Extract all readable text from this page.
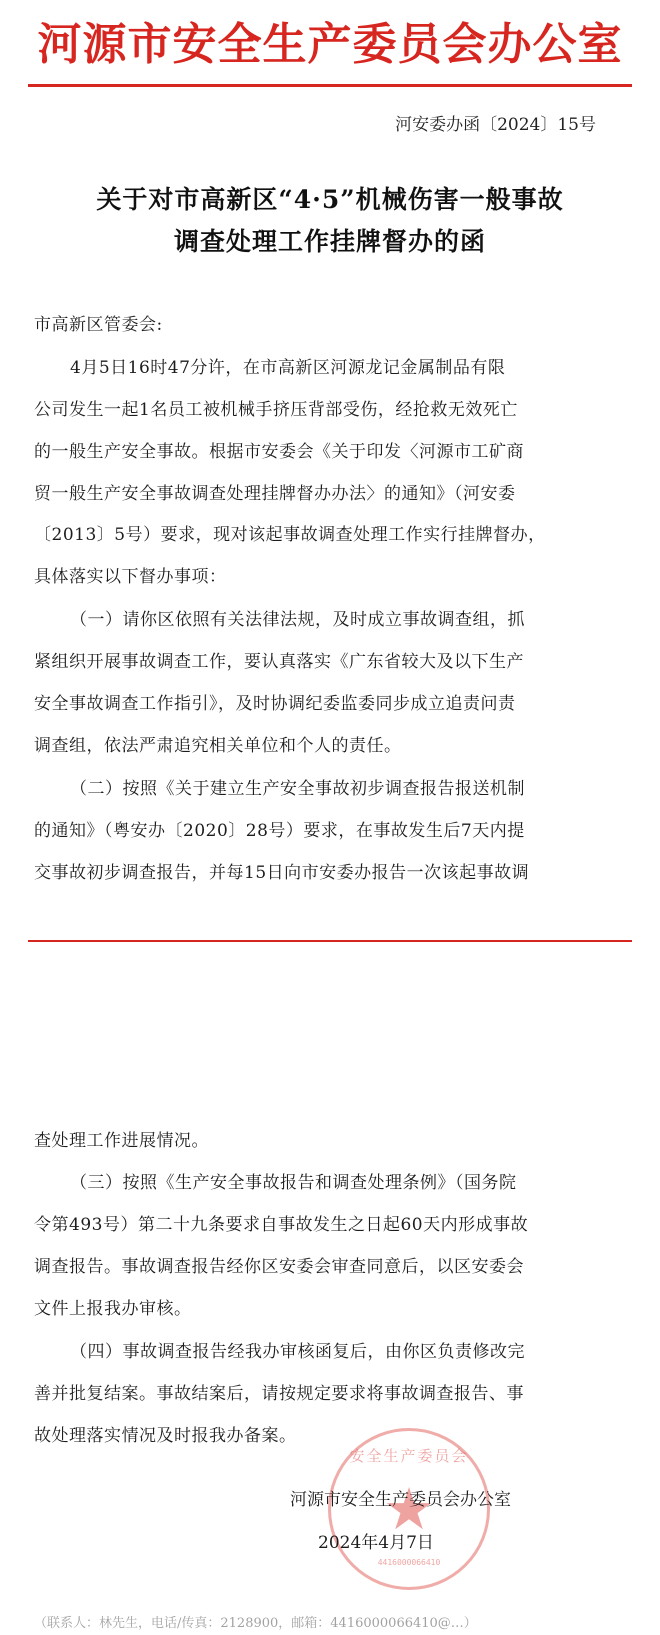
河源市安全生产委员会办公室
河安委办函〔2024〕15号
关于对市高新区“4·5”机械伤害一般事故
调查处理工作挂牌督办的函
市高新区管委会:
4月5日16时47分许，在市高新区河源龙记金属制品有限
公司发生一起1名员工被机械手挤压背部受伤，经抢救无效死亡
的一般生产安全事故。根据市安委会《关于印发〈河源市工矿商
贸一般生产安全事故调查处理挂牌督办办法〉的通知》（河安委
〔2013〕5号）要求，现对该起事故调查处理工作实行挂牌督办，
具体落实以下督办事项：
（一）请你区依照有关法律法规，及时成立事故调查组，抓
紧组织开展事故调查工作，要认真落实《广东省较大及以下生产
安全事故调查工作指引》，及时协调纪委监委同步成立追责问责
调查组，依法严肃追究相关单位和个人的责任。
（二）按照《关于建立生产安全事故初步调查报告报送机制
的通知》（粤安办〔2020〕28号）要求，在事故发生后7天内提
交事故初步调查报告，并每15日向市安委办报告一次该起事故调
查处理工作进展情况。
（三）按照《生产安全事故报告和调查处理条例》（国务院
令第493号）第二十九条要求自事故发生之日起60天内形成事故
调查报告。事故调查报告经你区安委会审查同意后，以区安委会
文件上报我办审核。
（四）事故调查报告经我办审核函复后，由你区负责修改完
善并批复结案。事故结案后，请按规定要求将事故调查报告、事
故处理落实情况及时报我办备案。
安全生产委员会
★
4416000066410
河源市安全生产委员会办公室
2024年4月7日
（联系人：林先生，电话/传真：2128900，邮箱：4416000066410@…）
